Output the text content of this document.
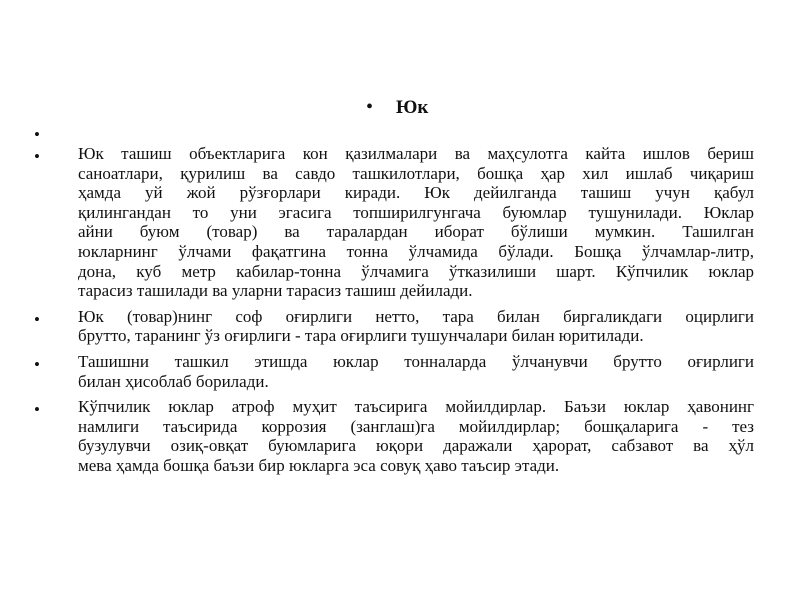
•	Юк
•
• Юк ташиш объектларига кон қазилмалари ва маҳсулотга кайта ишлов бериш
саноатлари, қурилиш ва савдо ташкилотлари, бошқа ҳар хил ишлаб чиқариш
ҳамда уй жой рўзғорлари киради. Юк дейилганда ташиш учун қабул
қилингандан то уни эгасига топширилгунгача буюмлар тушунилади. Юклар
айни буюм (товар) ва таралардан иборат бўлиши мумкин. Ташилган
юкларнинг ўлчами фақатгина тонна ўлчамида бўлади. Бошқа ўлчамлар-литр,
дона, куб метр кабилар-тонна ўлчамига ўтказилиши шарт. Кўпчилик юклар
тарасиз ташилади ва уларни тарасиз ташиш дейилади.
• Юк (товар)нинг соф оғирлиги нетто, тара билан биргаликдаги оцирлиги
брутто, таранинг ўз оғирлиги - тара оғирлиги тушунчалари билан юритилади.
• Ташишни ташкил этишда юклар тонналарда ўлчанувчи брутто оғирлиги
билан ҳисоблаб борилади.
• Кўпчилик юклар атроф муҳит таъсирига мойилдирлар. Баъзи юклар ҳавонинг
намлиги таъсирида коррозия (занглаш)га мойилдирлар; бошқаларига - тез
бузулувчи озиқ-овқат буюмларига юқори даражали ҳарорат, сабзавот ва ҳўл
мева ҳамда бошқа баъзи бир юкларга эса совуқ ҳаво таъсир этади.
